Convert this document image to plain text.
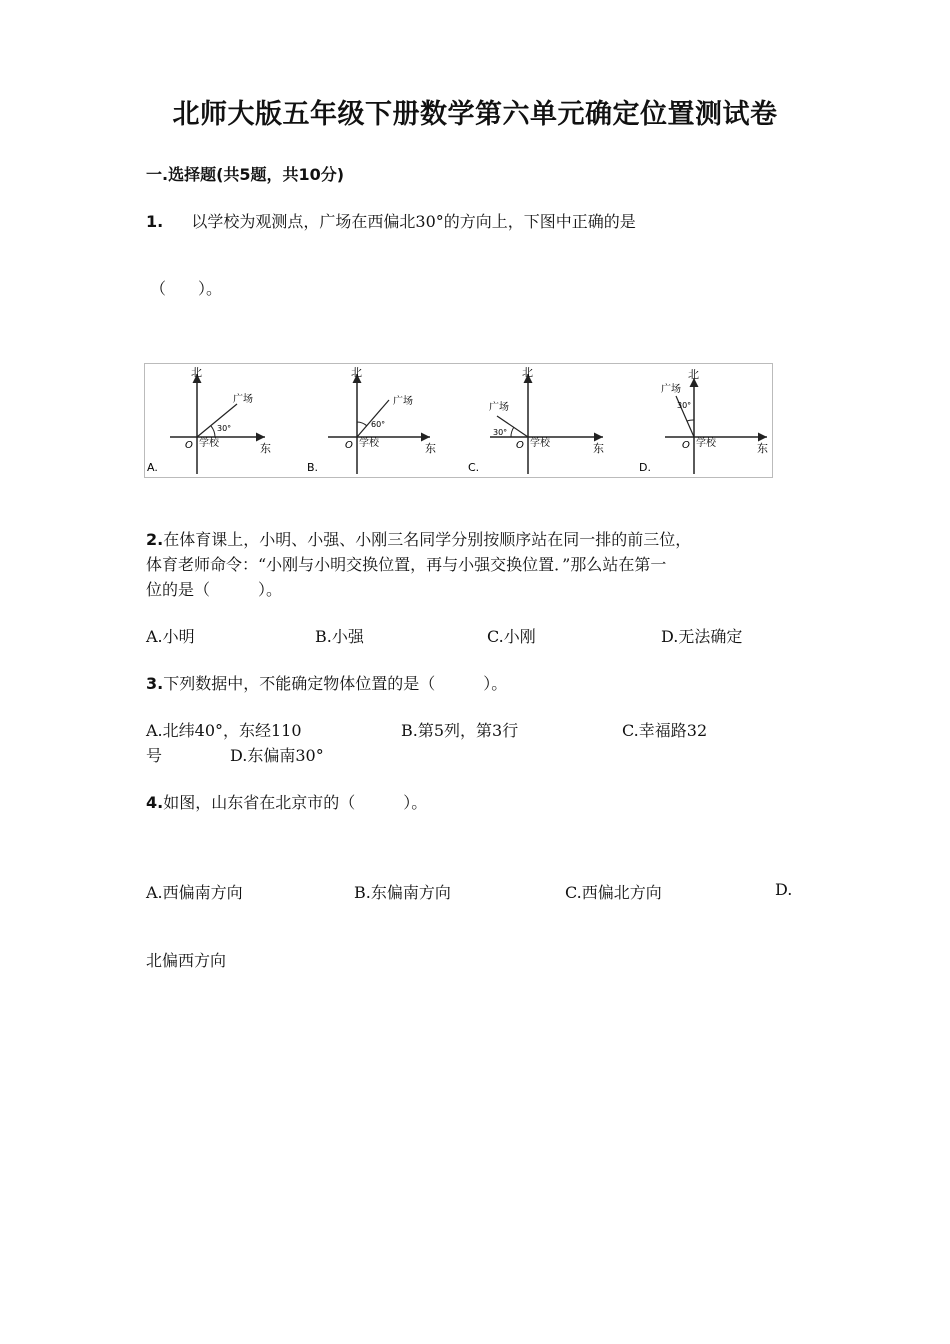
北师大版五年级下册数学第六单元确定位置测试卷
一.选择题(共5题，共10分)
1. 以学校为观测点，广场在西偏北30°的方向上，下图中正确的是
（　　）。
北
东
O 学校
广场
30°
A.
北
东
O 学校
广场
60°
B.
北
东
O 学校
广场
30°
C.
北
东
O 学校
广场
30°
D.
2.在体育课上，小明、小强、小刚三名同学分别按顺序站在同一排的前三位，
体育老师命令：“小刚与小明交换位置，再与小强交换位置．”那么站在第一
位的是（　　　）。
A.小明	B.小强	C.小刚	D.无法确定
3.下列数据中，不能确定物体位置的是（　　　）。
A.北纬40°，东经110	B.第5列，第3行	C.幸福路32
号	D.东偏南30°
4.如图，山东省在北京市的（　　　）。
A.西偏南方向	B.东偏南方向	C.西偏北方向	D.
北偏西方向
